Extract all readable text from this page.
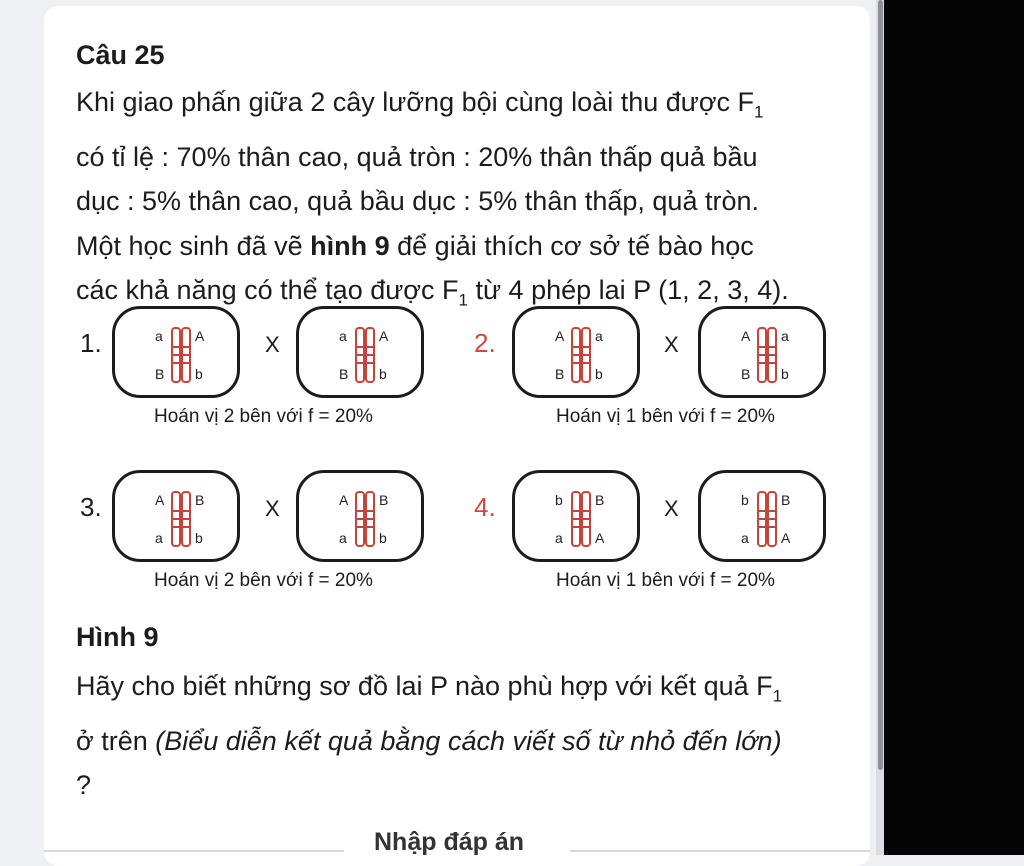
Câu 25

Khi giao phấn giữa 2 cây lưỡng bội cùng loài thu được $F_1$
có tỉ lệ : 70% thân cao, quả tròn : 20% thân thấp quả bầu
dục : 5% thân cao, quả bầu dục : 5% thân thấp, quả tròn.
Một học sinh đã vẽ hình 9 để giải thích cơ sở tế bào học
các khả năng có thể tạo được $F_1$ từ 4 phép lai P (1, 2, 3, 4).

1.	a A
B b
X	a A
B b
Hoán vị 2 bên với f = 20%
2.	A a
B b
X	A a
B b
Hoán vị 1 bên với f = 20%
3.	A B
a b
X	A B
a b
Hoán vị 2 bên với f = 20%
4.	b B
a A
X	b B
a A
Hoán vị 1 bên với f = 20%
Hình 9

Hãy cho biết những sơ đồ lai P nào phù hợp với kết quả $F_1$
ở trên (Biểu diễn kết quả bằng cách viết số từ nhỏ đến lớn)
?

Nhập đáp án
